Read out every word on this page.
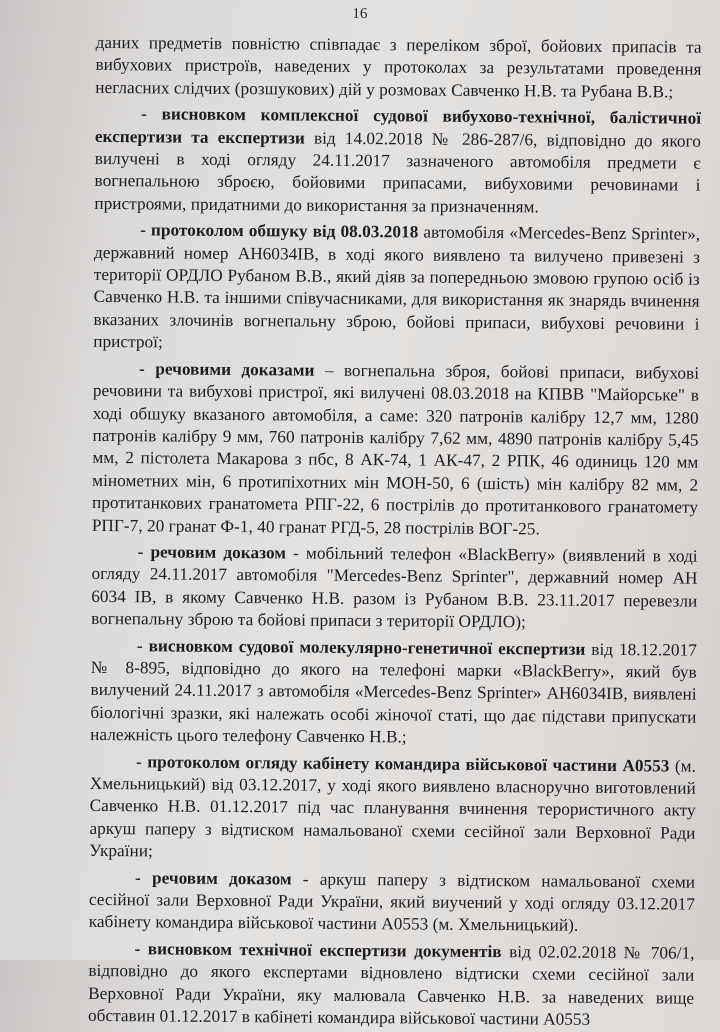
16

даних предметів повністю співпадає з переліком зброї, бойових припасів та вибухових пристроїв, наведених у протоколах за результатами проведення негласних слідчих (розшукових) дій у розмовах Савченко Н.В. та Рубана В.В.;

- висновком комплексної судової вибухово-технічної, балістичної експертизи та експертизи від 14.02.2018 № 286-287/6, відповідно до якого вилучені в ході огляду 24.11.2017 зазначеного автомобіля предмети є вогнепальною зброєю, бойовими припасами, вибуховими речовинами і пристроями, придатними до використання за призначенням.

- протоколом обшуку від 08.03.2018 автомобіля «Mercedes-Benz Sprinter», державний номер АН6034ІВ, в ході якого виявлено та вилучено привезені з території ОРДЛО Рубаном В.В., який діяв за попередньою змовою групою осіб із Савченко Н.В. та іншими співучасниками, для використання як знарядь вчинення вказаних злочинів вогнепальну зброю, бойові припаси, вибухові речовини і пристрої;

- речовими доказами – вогнепальна зброя, бойові припаси, вибухові речовини та вибухові пристрої, які вилучені 08.03.2018 на КПВВ "Майорське" в ході обшуку вказаного автомобіля, а саме: 320 патронів калібру 12,7 мм, 1280 патронів калібру 9 мм, 760 патронів калібру 7,62 мм, 4890 патронів калібру 5,45 мм, 2 пістолета Макарова з пбс, 8 АК-74, 1 АК-47, 2 РПК, 46 одиниць 120 мм мінометних мін, 6 протипіхотних мін МОН-50, 6 (шість) мін калібру 82 мм, 2 протитанкових гранатомета РПГ-22, 6 пострілів до протитанкового гранатомету РПГ-7, 20 гранат Ф-1, 40 гранат РГД-5, 28 пострілів ВОГ-25.

- речовим доказом - мобільний телефон «BlackBerry» (виявлений в ході огляду 24.11.2017 автомобіля "Mercedes-Benz Sprinter", державний номер АН 6034 ІВ, в якому Савченко Н.В. разом із Рубаном В.В. 23.11.2017 перевезли вогнепальну зброю та бойові припаси з території ОРДЛО);

- висновком судової молекулярно-генетичної експертизи від 18.12.2017 № 8-895, відповідно до якого на телефоні марки «BlackBerry», який був вилучений 24.11.2017 з автомобіля «Mercedes-Benz Sprinter» АН6034ІВ, виявлені біологічні зразки, які належать особі жіночої статі, що дає підстави припускати належність цього телефону Савченко Н.В.;

- протоколом огляду кабінету командира військової частини А0553 (м. Хмельницький) від 03.12.2017, у ході якого виявлено власноручно виготовлений Савченко Н.В. 01.12.2017 під час планування вчинення терористичного акту аркуш паперу з відтиском намальованої схеми сесійної зали Верховної Ради України;

- речовим доказом - аркуш паперу з відтиском намальованої схеми сесійної зали Верховної Ради України, який виучений у ході огляду 03.12.2017 кабінету командира військової частини А0553 (м. Хмельницький).

- висновком технічної експертизи документів від 02.02.2018 № 706/1, відповідно до якого експертами відновлено відтиски схеми сесійної зали Верховної Ради України, яку малювала Савченко Н.В. за наведених вище обставин 01.12.2017 в кабінеті командира військової частини А0553
